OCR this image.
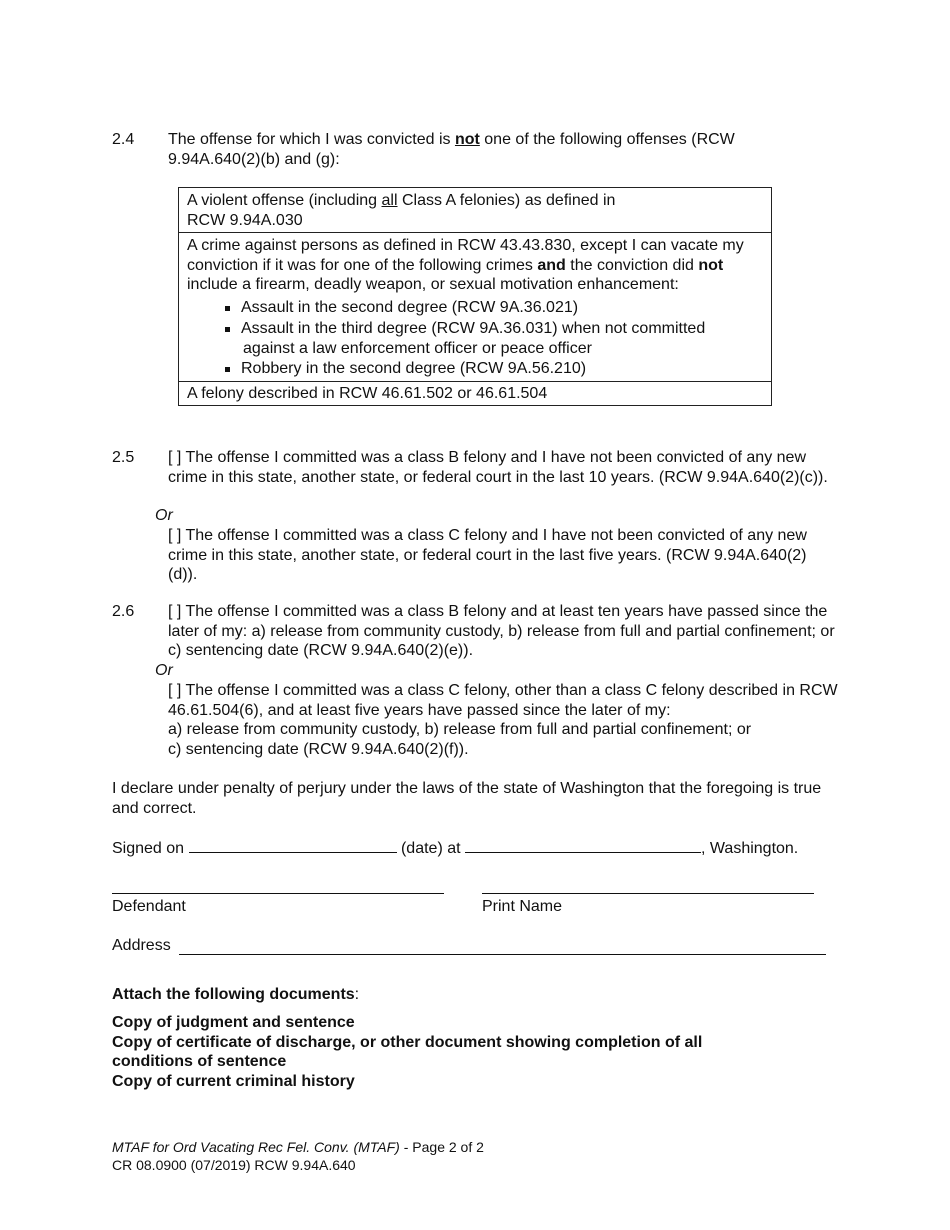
2.4 The offense for which I was convicted is not one of the following offenses (RCW 9.94A.640(2)(b) and (g):
A violent offense (including all Class A felonies) as defined in
RCW 9.94A.030
A crime against persons as defined in RCW 43.43.830, except I can vacate my conviction if it was for one of the following crimes and the conviction did not include a firearm, deadly weapon, or sexual motivation enhancement:
Assault in the second degree (RCW 9A.36.021)
Assault in the third degree (RCW 9A.36.031) when not committed
against a law enforcement officer or peace officer
Robbery in the second degree (RCW 9A.56.210)
A felony described in RCW 46.61.502 or 46.61.504
2.5 [ ] The offense I committed was a class B felony and I have not been convicted of any new crime in this state, another state, or federal court in the last 10 years. (RCW 9.94A.640(2)(c)).
Or
[ ] The offense I committed was a class C felony and I have not been convicted of any new crime in this state, another state, or federal court in the last five years. (RCW 9.94A.640(2)(d)).
2.6 [ ] The offense I committed was a class B felony and at least ten years have passed since the later of my: a) release from community custody, b) release from full and partial confinement; or c) sentencing date (RCW 9.94A.640(2)(e)).
Or
[ ] The offense I committed was a class C felony, other than a class C felony described in RCW 46.61.504(6), and at least five years have passed since the later of my:
a) release from community custody, b) release from full and partial confinement; or
c) sentencing date (RCW 9.94A.640(2)(f)).
I declare under penalty of perjury under the laws of the state of Washington that the foregoing is true and correct.
Signed on	(date) at	, Washington.
Defendant	Print Name
Address
Attach the following documents:
Copy of judgment and sentence
Copy of certificate of discharge, or other document showing completion of all conditions of sentence
Copy of current criminal history
MTAF for Ord Vacating Rec Fel. Conv. (MTAF) - Page 2 of 2
CR 08.0900 (07/2019) RCW 9.94A.640
